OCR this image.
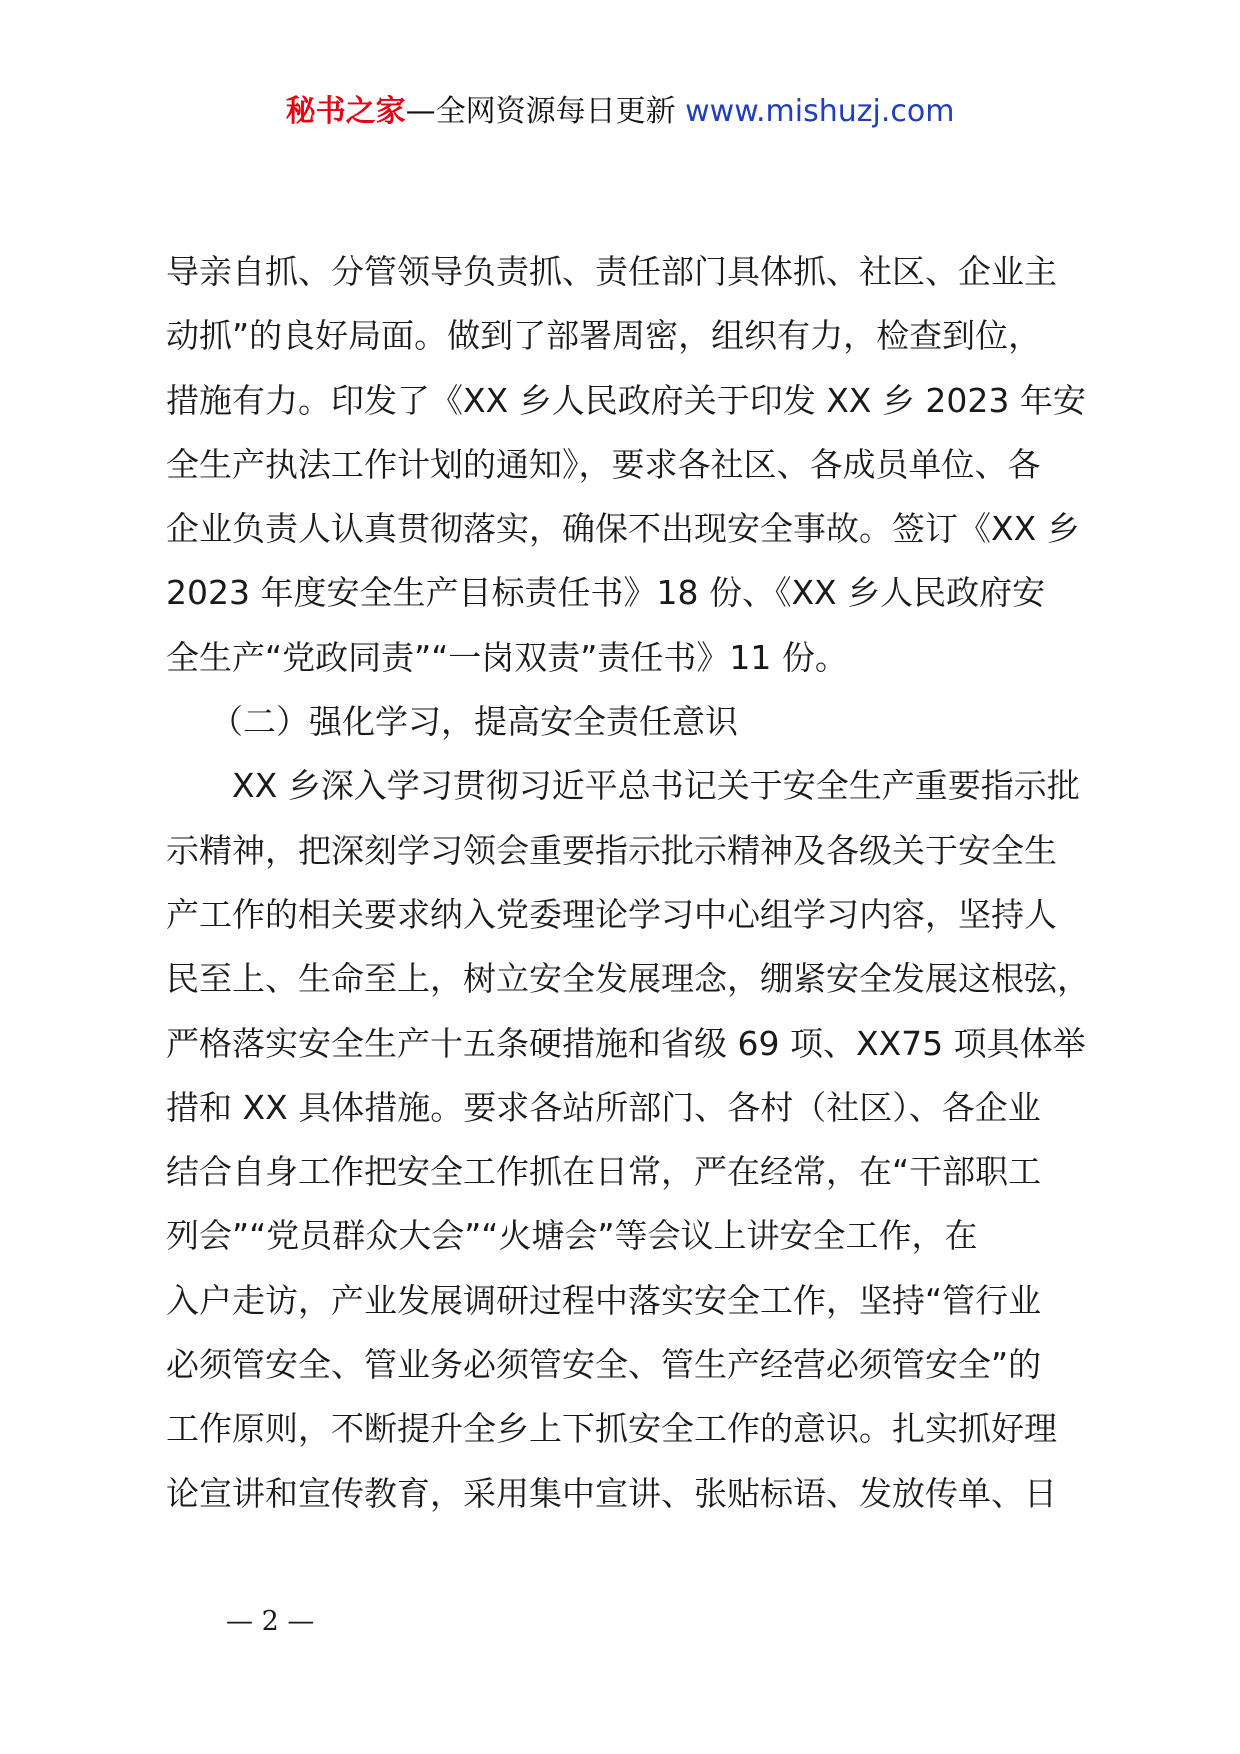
秘书之家—全网资源每日更新 www.mishuzj.com
导亲自抓、分管领导负责抓、责任部门具体抓、社区、企业主
动抓”的良好局面。做到了部署周密，组织有力，检查到位，
措施有力。印发了《XX 乡人民政府关于印发 XX 乡 2023 年安
全生产执法工作计划的通知》，要求各社区、各成员单位、各
企业负责人认真贯彻落实，确保不出现安全事故。签订《XX 乡
2023 年度安全生产目标责任书》18 份、《XX 乡人民政府安
全生产“党政同责”“一岗双责”责任书》11 份。
（二）强化学习，提高安全责任意识
XX 乡深入学习贯彻习近平总书记关于安全生产重要指示批
示精神，把深刻学习领会重要指示批示精神及各级关于安全生
产工作的相关要求纳入党委理论学习中心组学习内容，坚持人
民至上、生命至上，树立安全发展理念，绷紧安全发展这根弦，
严格落实安全生产十五条硬措施和省级 69 项、XX75 项具体举
措和 XX 具体措施。要求各站所部门、各村（社区）、各企业
结合自身工作把安全工作抓在日常，严在经常，在“干部职工
列会”“党员群众大会”“火塘会”等会议上讲安全工作，在
入户走访，产业发展调研过程中落实安全工作，坚持“管行业
必须管安全、管业务必须管安全、管生产经营必须管安全”的
工作原则，不断提升全乡上下抓安全工作的意识。扎实抓好理
论宣讲和宣传教育，采用集中宣讲、张贴标语、发放传单、日
— 2 —
